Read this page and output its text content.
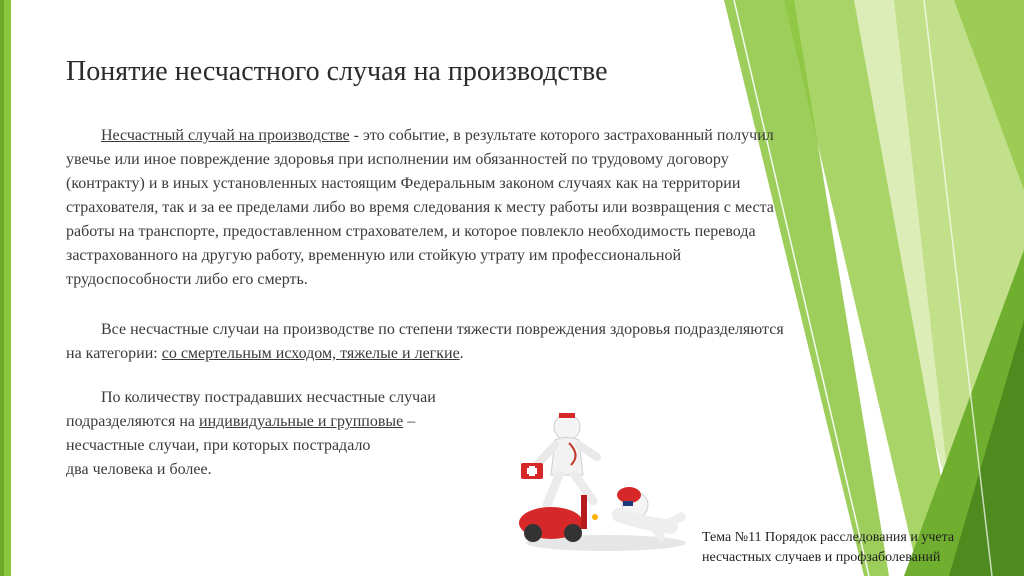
Понятие несчастного случая на производстве

Несчастный случай на производстве - это событие, в результате которого застрахованный получил увечье или иное повреждение здоровья при исполнении им обязанностей по трудовому договору (контракту) и в иных установленных настоящим Федеральным законом случаях как на территории страхователя, так и за ее пределами либо во время следования к месту работы или возвращения с места работы на транспорте, предоставленном страхователем, и которое повлекло необходимость перевода застрахованного на другую работу, временную или стойкую утрату им профессиональной трудоспособности либо его смерть.

Все несчастные случаи на производстве по степени тяжести повреждения здоровья подразделяются на категории: со смертельным исходом, тяжелые и легкие.

По количеству пострадавших несчастные случаи
подразделяются на индивидуальные и групповые –
несчастные случаи, при которых пострадало
два человека и более.

Тема №11 Порядок расследования и учета
несчастных случаев и профзаболеваний
